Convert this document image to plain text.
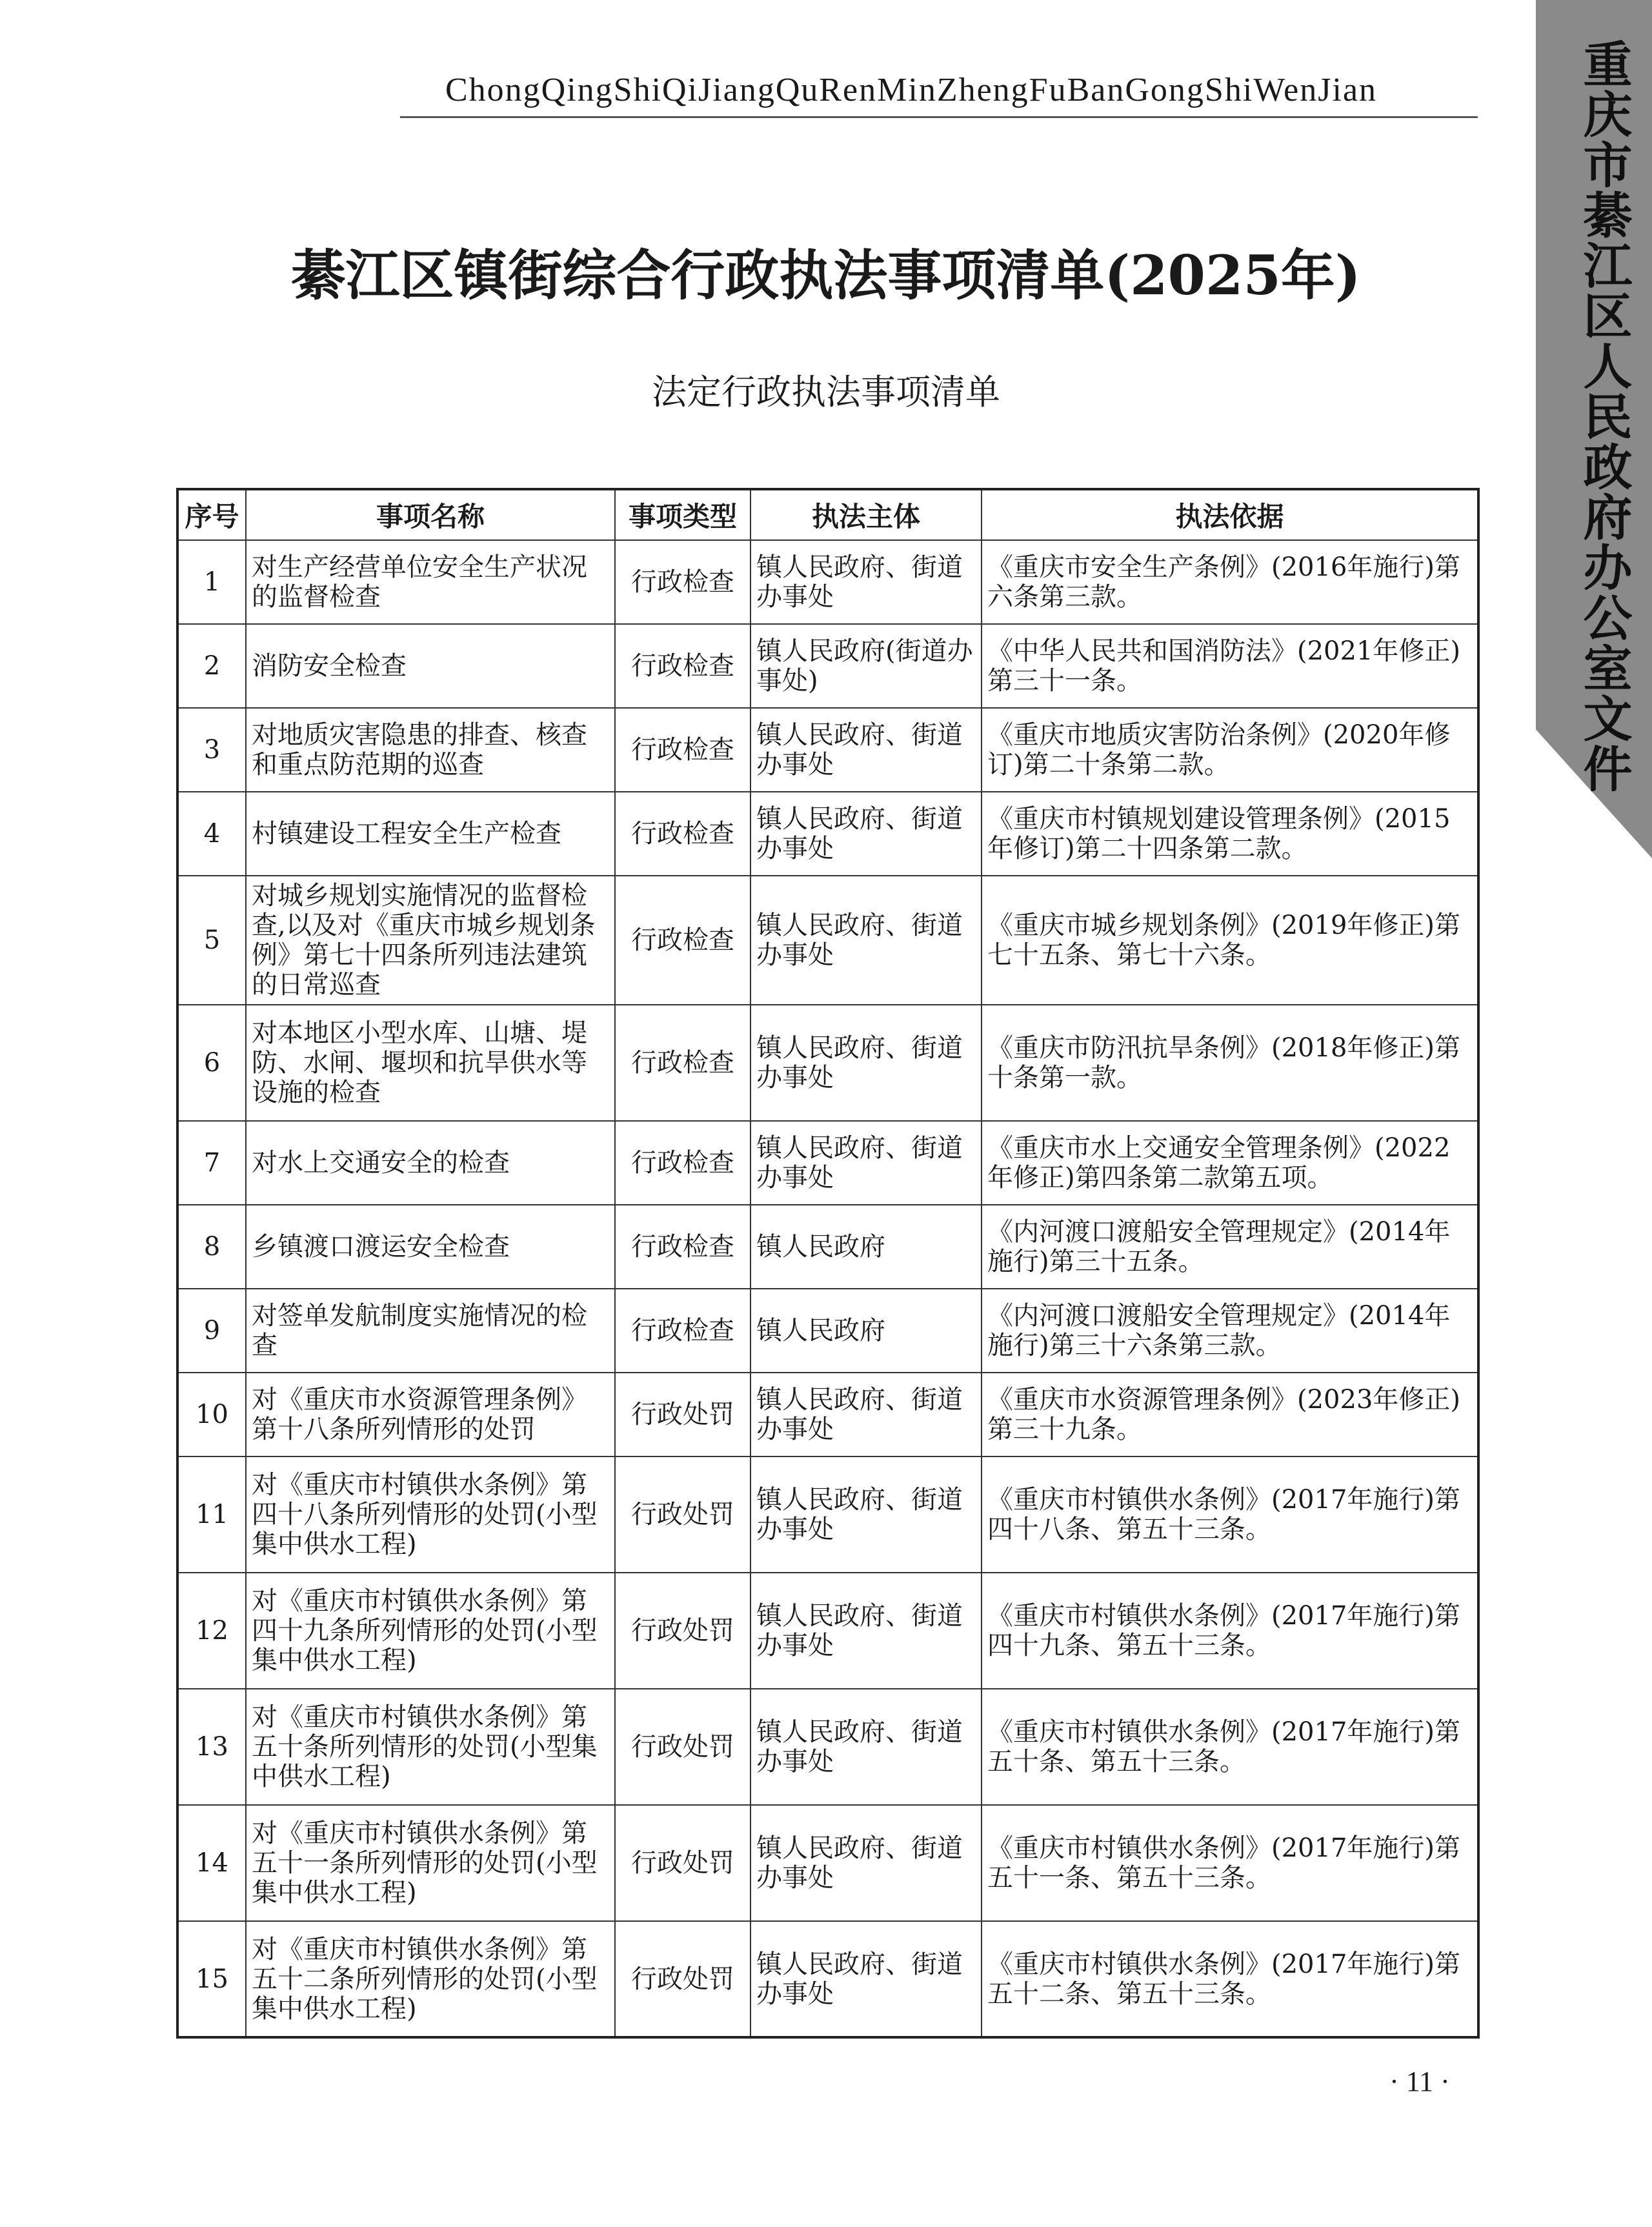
重庆市綦江区人民政府办公室文件
ChongQingShiQiJiangQuRenMinZhengFuBanGongShiWenJian
綦江区镇街综合行政执法事项清单(2025年)
法定行政执法事项清单
序号	事项名称	事项类型	执法主体	执法依据
1	对生产经营单位安全生产状况的监督检查	行政检查	镇人民政府、街道办事处	《重庆市安全生产条例》(2016年施行)第六条第三款。
2	消防安全检查	行政检查	镇人民政府(街道办事处)	《中华人民共和国消防法》(2021年修正)第三十一条。
3	对地质灾害隐患的排查、核查和重点防范期的巡查	行政检查	镇人民政府、街道办事处	《重庆市地质灾害防治条例》(2020年修订)第二十条第二款。
4	村镇建设工程安全生产检查	行政检查	镇人民政府、街道办事处	《重庆市村镇规划建设管理条例》(2015年修订)第二十四条第二款。
5	对城乡规划实施情况的监督检查,以及对《重庆市城乡规划条例》第七十四条所列违法建筑的日常巡查	行政检查	镇人民政府、街道办事处	《重庆市城乡规划条例》(2019年修正)第七十五条、第七十六条。
6	对本地区小型水库、山塘、堤防、水闸、堰坝和抗旱供水等设施的检查	行政检查	镇人民政府、街道办事处	《重庆市防汛抗旱条例》(2018年修正)第十条第一款。
7	对水上交通安全的检查	行政检查	镇人民政府、街道办事处	《重庆市水上交通安全管理条例》(2022年修正)第四条第二款第五项。
8	乡镇渡口渡运安全检查	行政检查	镇人民政府	《内河渡口渡船安全管理规定》(2014年施行)第三十五条。
9	对签单发航制度实施情况的检查	行政检查	镇人民政府	《内河渡口渡船安全管理规定》(2014年施行)第三十六条第三款。
10	对《重庆市水资源管理条例》第十八条所列情形的处罚	行政处罚	镇人民政府、街道办事处	《重庆市水资源管理条例》(2023年修正)第三十九条。
11	对《重庆市村镇供水条例》第四十八条所列情形的处罚(小型集中供水工程)	行政处罚	镇人民政府、街道办事处	《重庆市村镇供水条例》(2017年施行)第四十八条、第五十三条。
12	对《重庆市村镇供水条例》第四十九条所列情形的处罚(小型集中供水工程)	行政处罚	镇人民政府、街道办事处	《重庆市村镇供水条例》(2017年施行)第四十九条、第五十三条。
13	对《重庆市村镇供水条例》第五十条所列情形的处罚(小型集中供水工程)	行政处罚	镇人民政府、街道办事处	《重庆市村镇供水条例》(2017年施行)第五十条、第五十三条。
14	对《重庆市村镇供水条例》第五十一条所列情形的处罚(小型集中供水工程)	行政处罚	镇人民政府、街道办事处	《重庆市村镇供水条例》(2017年施行)第五十一条、第五十三条。
15	对《重庆市村镇供水条例》第五十二条所列情形的处罚(小型集中供水工程)	行政处罚	镇人民政府、街道办事处	《重庆市村镇供水条例》(2017年施行)第五十二条、第五十三条。
· 11 ·
